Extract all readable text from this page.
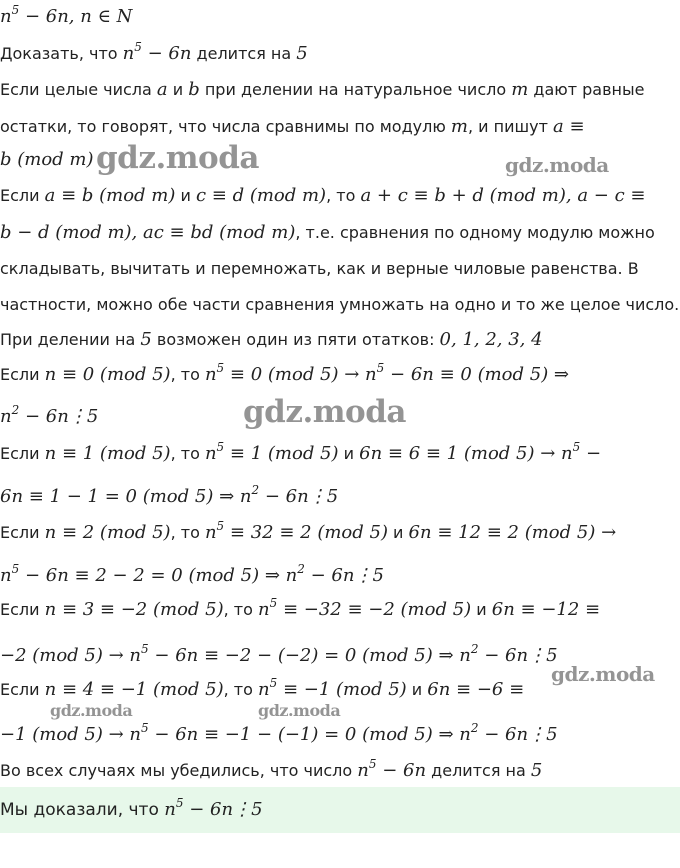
$n^5 - 6n$, n ∈ N
Доказать, что $n^5 - 6n$ делится на 5
Если целые числа a и b при делении на натуральное число m дают равные
остатки, то говорят, что числа сравнимы по модулю m, и пишут a ≡
b (mod m)
Если a ≡ b (mod m) и c ≡ d (mod m), то a + c ≡ b + d (mod m), a − c ≡
b − d (mod m), ac ≡ bd (mod m), т.е. сравнения по одному модулю можно
складывать, вычитать и перемножать, как и верные чиловые равенства. В
частности, можно обе части сравнения умножать на одно и то же целое число.
При делении на 5 возможен один из пяти отатков: 0, 1, 2, 3, 4
Если n ≡ 0 (mod 5), то $n^5 \equiv 0$ (mod $5) \to n^5 - 6n \equiv 0$ (mod 5) ⇒
$n^2$ − 6n⋮5
Если n ≡ 1 (mod 5), то $n^5 \equiv 1$ (mod 5) и 6n ≡ 6 ≡ 1 (mod $5) \to n^5$ −
6n ≡ 1 − 1 = 0 (mod 5) ⇒ $n^2$ − 6n⋮5
Если n ≡ 2 (mod 5), то $n^5 \equiv 32 \equiv 2$ (mod 5) и 6n ≡ 12 ≡ 2 (mod 5) →
$n^5 - 6n \equiv 2 - 2 = 0$ (mod 5) ⇒ $n^2$ − 6n⋮5
Если n ≡ 3 ≡ −2 (mod 5), то $n^5 \equiv -32 \equiv -2$ (mod 5) и 6n ≡ −12 ≡
−2 (mod $5) \to n^5 - 6n \equiv -2 - (-2) = 0$ (mod 5) ⇒ $n^2$ − 6n⋮5
Если n ≡ 4 ≡ −1 (mod 5), то $n^5 \equiv -1$ (mod 5) и 6n ≡ −6 ≡
−1 (mod $5) \to n^5 - 6n \equiv -1 - (-1) = 0$ (mod 5) ⇒ $n^2$ − 6n⋮5
Во всех случаях мы убедились, что число $n^5 - 6n$ делится на 5
Мы доказали, что $n^5$ − 6n⋮5
gdz.moda	gdz.moda
gdz.moda
gdz.moda
gdz.moda	gdz.moda
